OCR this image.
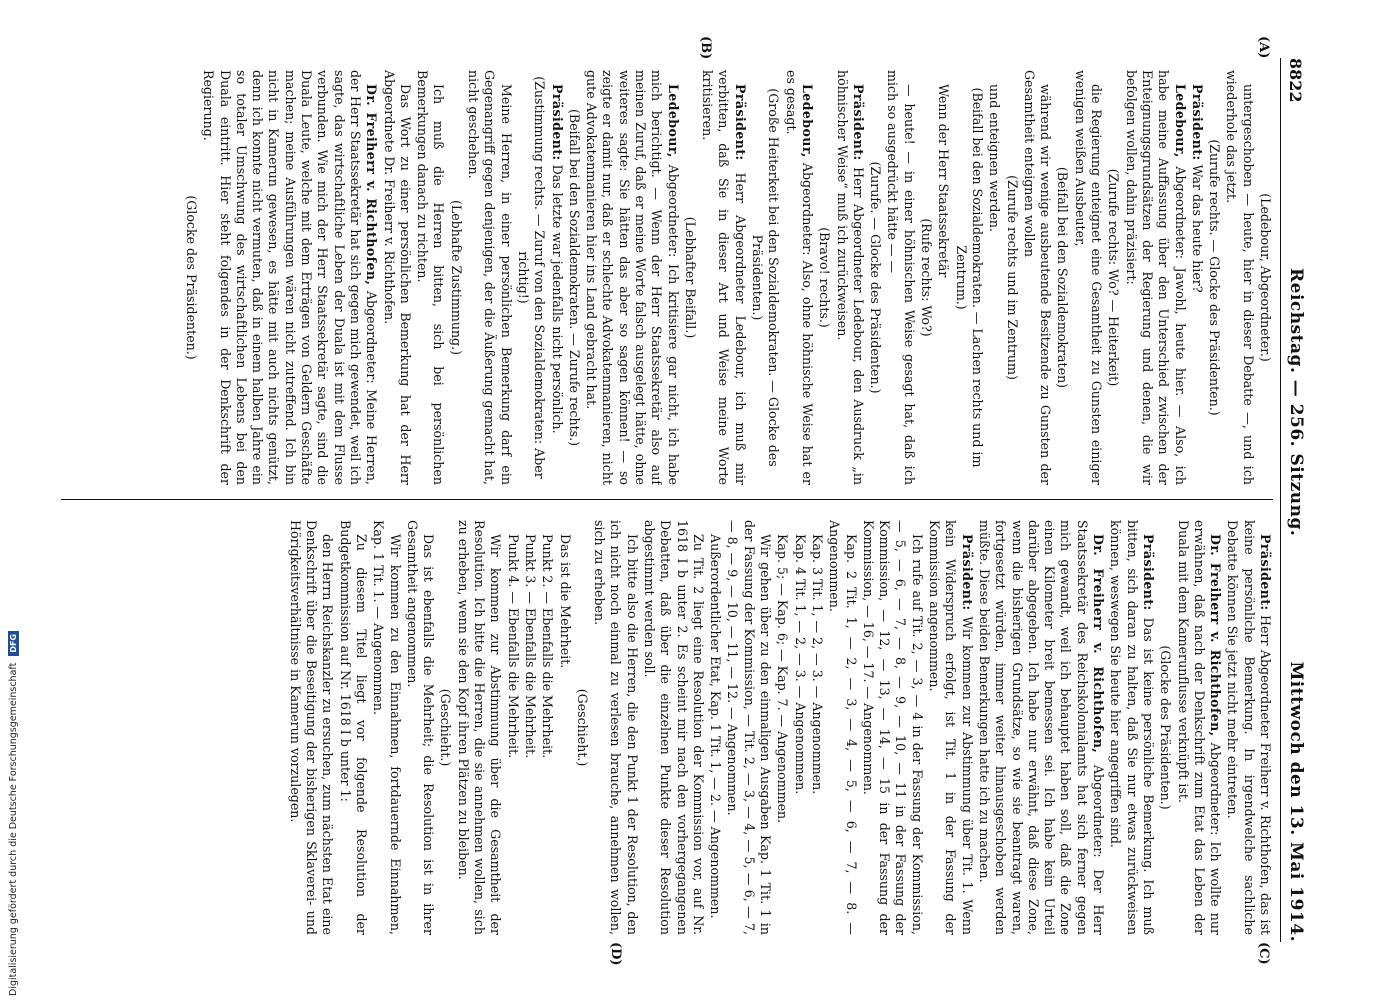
8822
Reichstag. — 256. Sitzung.
Mittwoch den 13. Mai 1914.
(A)
(B)
(C)
(D)

(Ledebour, Abgeordneter.)

untergeschoben — heute, hier in dieser Debatte —, und ich wiederhole das jetzt.

(Zurufe rechts. — Glocke des Präsidenten.)

Präsident: War das heute hier?

Ledebour, Abgeordneter: Jawohl, heute hier. — Also, ich habe meine Auffassung über den Unterschied zwischen der Enteignungsgrundsätzen der Regierung und denen, die wir befolgen wollen, dahin präzisiert:

(Zurufe rechts: Wo? — Heiterkeit)

die Regierung enteignet eine Gesamtheit zu Gunsten einiger wenigen weißen Ausbeuter,

(Beifall bei den Sozialdemokraten)

während wir wenige ausbeutende Besitzende zu Gunsten der Gesamtheit enteignen wollen

(Zurufe rechts und im Zentrum)

und enteignen werden.

(Beifall bei den Sozialdemokraten. — Lachen rechts und im Zentrum.)

Wenn der Herr Staatssekretär

(Rufe rechts: Wo?)

— heute! — in einer höhnischen Weise gesagt hat, daß ich mich so ausgedrückt hätte — —

(Zurufe. — Glocke des Präsidenten.)

Präsident: Herr Abgeordneter Ledebour, den Ausdruck „in höhnischer Weise“ muß ich zurückweisen.

(Bravo! rechts.)

Ledebour, Abgeordneter: Also, ohne höhnische Weise hat er es gesagt.

(Große Heiterkeit bei den Sozialdemokraten. — Glocke des Präsidenten.)

Präsident: Herr Abgeordneter Ledebour, ich muß mir verbitten, daß Sie in dieser Art und Weise meine Worte kritisieren.

(Lebhafter Beifall.)

Ledebour, Abgeordneter: Ich kritisiere gar nicht, ich habe mich berichtigt. — Wenn der Herr Staatssekretär also auf meinen Zuruf, daß er meine Worte falsch ausgelegt hätte, ohne weiteres sagte: Sie hätten das aber so sagen können! — so zeigte er damit nur, daß er schlechte Advokatenmanieren, nicht gute Advokatenmanieren hier ins Land gebracht hat.

(Beifall bei den Sozialdemokraten. — Zurufe rechts.)

Präsident: Das letzte war jedenfalls nicht persönlich.

(Zustimmung rechts. — Zuruf von den Sozialdemokraten: Aber richtig!)

Meine Herren, in einer persönlichen Bemerkung darf ein Gegenangriff gegen denjenigen, der die Äußerung gemacht hat, nicht geschehen.

(Lebhafte Zustimmung.)

Ich muß die Herren bitten, sich bei persönlichen Bemerkungen danach zu richten.

Das Wort zu einer persönlichen Bemerkung hat der Herr Abgeordnete Dr. Freiherr v. Richthofen.

Dr. Freiherr v. Richthofen, Abgeordneter: Meine Herren, der Herr Staatssekretär hat sich gegen mich gewendet, weil ich sagte, das wirtschaftliche Leben der Duala ist mit dem Flusse verbunden. Wie mich der Herr Staatssekretär sagte, sind die Duala Leute, welche mit dem Erträgen von Geldern Geschäfte machen; meine Ausführungen wären nicht zutreffend. Ich bin nicht in Kamerun gewesen, es hätte mit auch nichts genützt, denn ich konnte nicht vermuten, daß in einem halben Jahre ein so totaler Umschwung des wirtschaftlichen Lebens bei den Duala eintritt. Hier steht folgendes in der Denkschrift der Regierung.

(Glocke des Präsidenten.)

Präsident: Herr Abgeordneter Freiherr v. Richthofen, das ist keine persönliche Bemerkung. In irgendwelche sachliche Debatte können Sie jetzt nicht mehr eintreten.

Dr. Freiherr v. Richthofen, Abgeordneter: Ich wollte nur erwähnen, daß nach der Denkschrift zum Etat das Leben der Duala mit dem Kamerunflusse verknüpft ist.

(Glocke des Präsidenten.)

Präsident: Das ist keine persönliche Bemerkung. Ich muß bitten, sich daran zu halten, daß Sie nur etwas zurückweisen können, weswegen Sie heute hier angegriffen sind.

Dr. Freiherr v. Richthofen, Abgeordneter: Der Herr Staatssekretär des Reichskolonialamts hat sich ferner gegen mich gewandt, weil ich behauptet haben soll, daß die Zone einen Kilometer breit bemessen sei. Ich habe kein Urteil darüber abgegeben. Ich habe nur erwähnt, daß diese Zone, wenn die bisherigen Grundsätze, so wie sie beantragt waren, fortgesetzt würden, immer weiter hinausgeschoben werden müßte. Diese beiden Bemerkungen hatte ich zu machen.

Präsident: Wir kommen zur Abstimmung über Tit. 1. Wenn kein Widerspruch erfolgt, ist Tit. 1 in der Fassung der Kommission angenommen.

Ich rufe auf Tit. 2, — 3, — 4 in der Fassung der Kommission, — 5, — 6, — 7, — 8, — 9, — 10, — 11 in der Fassung der Kommission, — 12, — 13, — 14, — 15 in der Fassung der Kommission, — 16, — 17. — Angenommen.

Kap. 2 Tit. 1, — 2, — 3, — 4, — 5, — 6, — 7, — 8. — Angenommen.

Kap. 3 Tit. 1, — 2, — 3. — Angenommen.

Kap. 4 Tit. 1, — 2, — 3. — Angenommen.

Kap. 5; — Kap. 6; — Kap. 7. — Angenommen.

Wir gehen über zu den einmaligen Ausgaben Kap. 1 Tit. 1 in der Fassung der Kommission, — Tit. 2, — 3, — 4, — 5, — 6, — 7, — 8, — 9, — 10, — 11, — 12. — Angenommen.

Außerordentlicher Etat, Kap. 1 Tit. 1, — 2. — Angenommen.

Zu Tit. 2 liegt eine Resolution der Kommission vor, auf Nr. 1618 I b unter 2. Es scheint mir nach den vorhergegangenen Debatten, daß über die einzelnen Punkte dieser Resolution abgestimmt werden soll.

Ich bitte also die Herren, die den Punkt 1 der Resolution, den ich nicht noch einmal zu verlesen brauche, annehmen wollen, sich zu erheben.

(Geschieht.)

Das ist die Mehrheit.

Punkt 2. — Ebenfalls die Mehrheit.

Punkt 3. — Ebenfalls die Mehrheit.

Punkt 4. — Ebenfalls die Mehrheit.

Wir kommen zur Abstimmung über die Gesamtheit der Resolution. Ich bitte die Herren, die sie annehmen wollen, sich zu erheben, wenn sie den Kopf ihren Plätzen zu bleiben.

(Geschieht.)

Das ist ebenfalls die Mehrheit; die Resolution ist in ihrer Gesamtheit angenommen.

Wir kommen zu den Einnahmen, fortdauernde Einnahmen, Kap. 1 Tit. 1. — Angenommen.

Zu diesem Titel liegt vor folgende Resolution der Budgetkommission auf Nr. 1618 I b unter 1:

den Herrn Reichskanzler zu ersuchen, zum nächsten Etat eine Denkschrift über die Beseitigung der bisherigen Sklaverei- und Hörigkeitsverhältnisse in Kamerun vorzulegen.

Digitalisierung gefördert durch die Deutsche Forschungsgemeinschaft DFG
